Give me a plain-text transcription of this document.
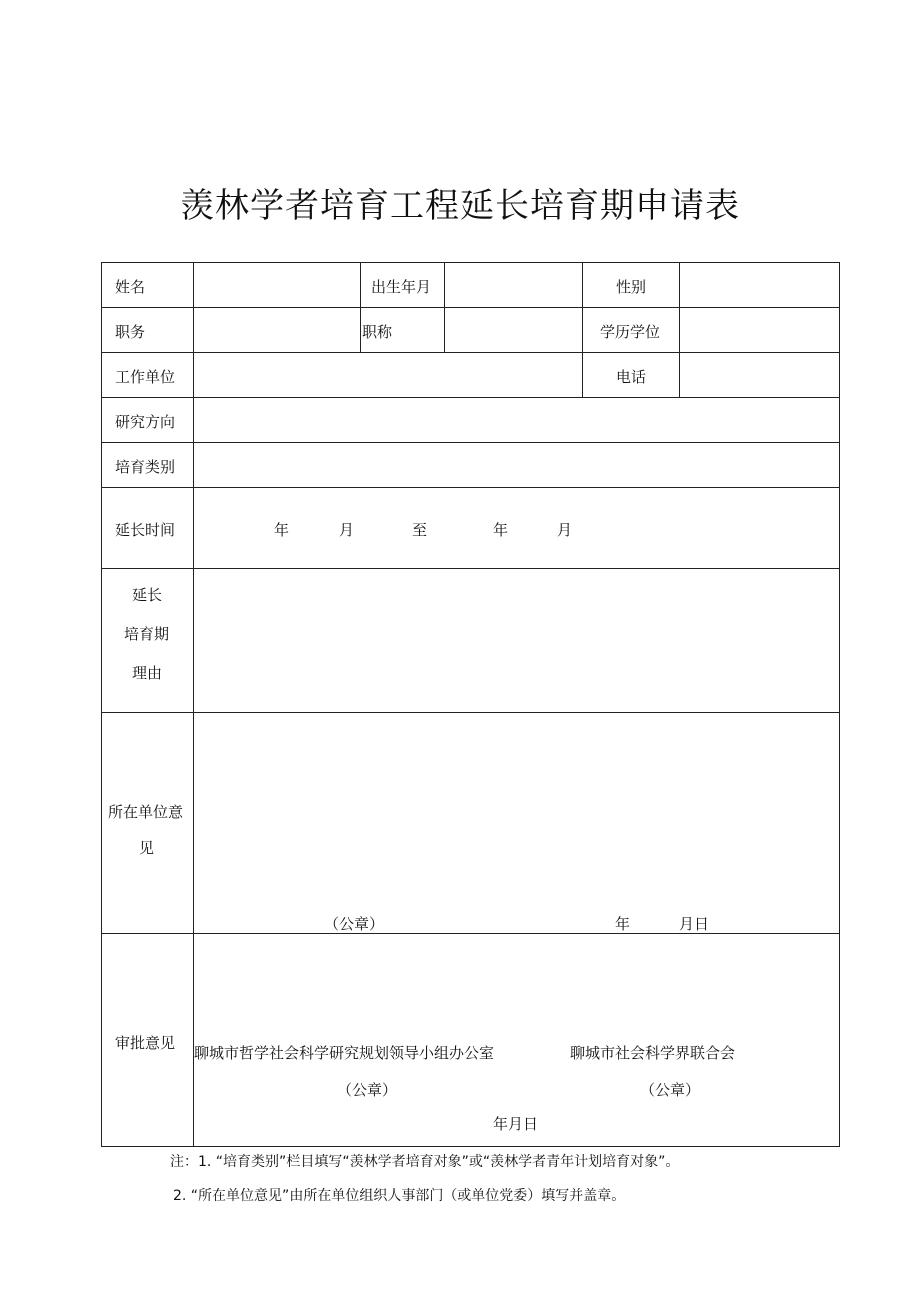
羡林学者培育工程延长培育期申请表
姓名	出生年月	性别
职务	职称	学历学位
工作单位	电话
研究方向
培育类别
延长时间	年	月	至	年	月
延长
培育期
理由
所在单位意
见
（公章）	年	月日
审批意见
聊城市哲学社会科学研究规划领导小组办公室	聊城市社会科学界联合会
（公章）	（公章）
年月日
注：1. “培育类别”栏目填写“羡林学者培育对象”或“羡林学者青年计划培育对象”。
2. “所在单位意见”由所在单位组织人事部门（或单位党委）填写并盖章。
